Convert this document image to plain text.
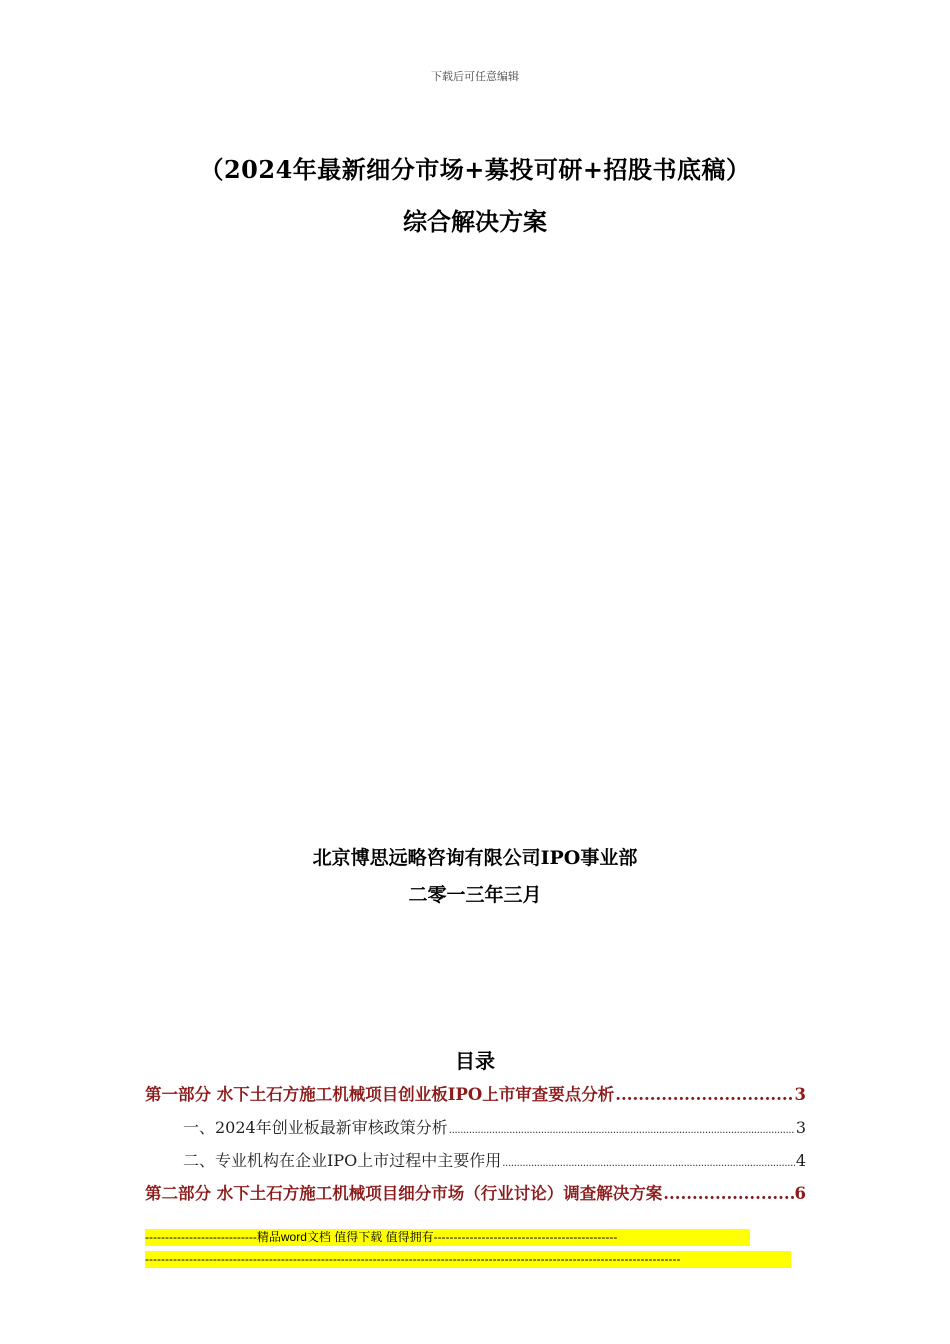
下载后可任意编辑
（2024年最新细分市场+募投可研+招股书底稿）
综合解决方案
北京博思远略咨询有限公司IPO事业部
二零一三年三月
目录
第一部分 水下土石方施工机械项目创业板IPO上市审查要点分析 .....	3
一、2024年创业板最新审核政策分析 .....	3
二、专业机构在企业IPO上市过程中主要作用 .....	4
第二部分 水下土石方施工机械项目细分市场（行业讨论）调查解决方案 .....	6
----------------------------精品word文档 值得下载 值得拥有----------------------------------------------
--------------------------------------------------------------------------------------------------------------------------------------
